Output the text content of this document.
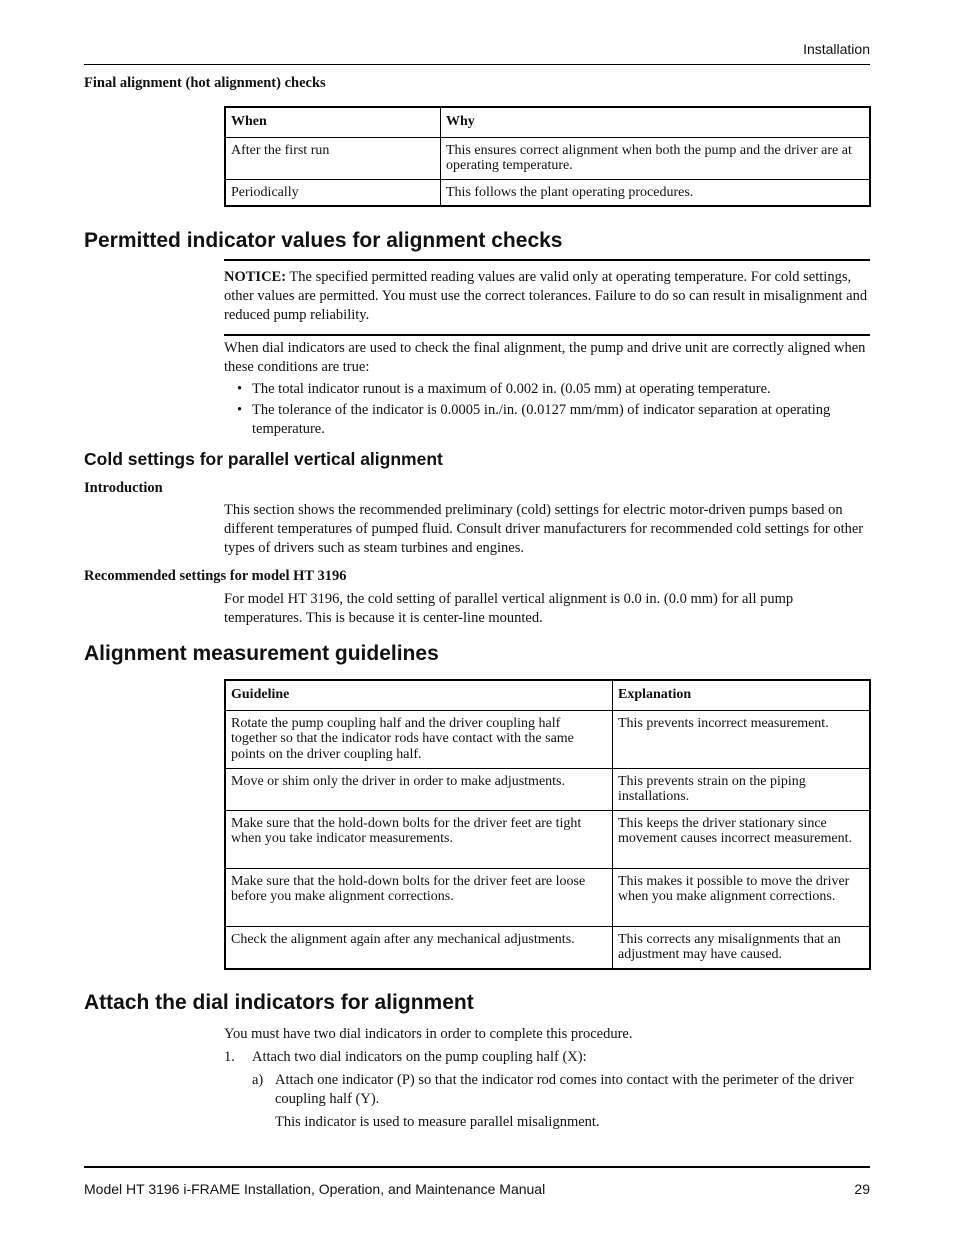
Installation
Final alignment (hot alignment) checks
When	Why
After the first run	This ensures correct alignment when both the pump and the driver are at operating temperature.
Periodically	This follows the plant operating procedures.
Permitted indicator values for alignment checks

NOTICE: The specified permitted reading values are valid only at operating temperature. For cold settings, other values are permitted. You must use the correct tolerances. Failure to do so can result in misalignment and reduced pump reliability.

When dial indicators are used to check the final alignment, the pump and drive unit are correctly aligned when these conditions are true:

• The total indicator runout is a maximum of 0.002 in. (0.05 mm) at operating temperature.
• The tolerance of the indicator is 0.0005 in./in. (0.0127 mm/mm) of indicator separation at operating temperature.
Cold settings for parallel vertical alignment
Introduction

This section shows the recommended preliminary (cold) settings for electric motor-driven pumps based on different temperatures of pumped fluid. Consult driver manufacturers for recommended cold settings for other types of drivers such as steam turbines and engines.

Recommended settings for model HT 3196

For model HT 3196, the cold setting of parallel vertical alignment is 0.0 in. (0.0 mm) for all pump temperatures. This is because it is center-line mounted.

Alignment measurement guidelines
Guideline	Explanation
Rotate the pump coupling half and the driver coupling half together so that the indicator rods have contact with the same points on the driver coupling half.	This prevents incorrect measurement.
Move or shim only the driver in order to make adjustments.	This prevents strain on the piping installations.
Make sure that the hold-down bolts for the driver feet are tight when you take indicator measurements.	This keeps the driver stationary since movement causes incorrect measurement.
Make sure that the hold-down bolts for the driver feet are loose before you make alignment corrections.	This makes it possible to move the driver when you make alignment corrections.
Check the alignment again after any mechanical adjustments.	This corrects any misalignments that an adjustment may have caused.
Attach the dial indicators for alignment

You must have two dial indicators in order to complete this procedure.

1.	Attach two dial indicators on the pump coupling half (X):
a) Attach one indicator (P) so that the indicator rod comes into contact with the perimeter of the driver coupling half (Y).

This indicator is used to measure parallel misalignment.

Model HT 3196 i-FRAME Installation, Operation, and Maintenance Manual	29
